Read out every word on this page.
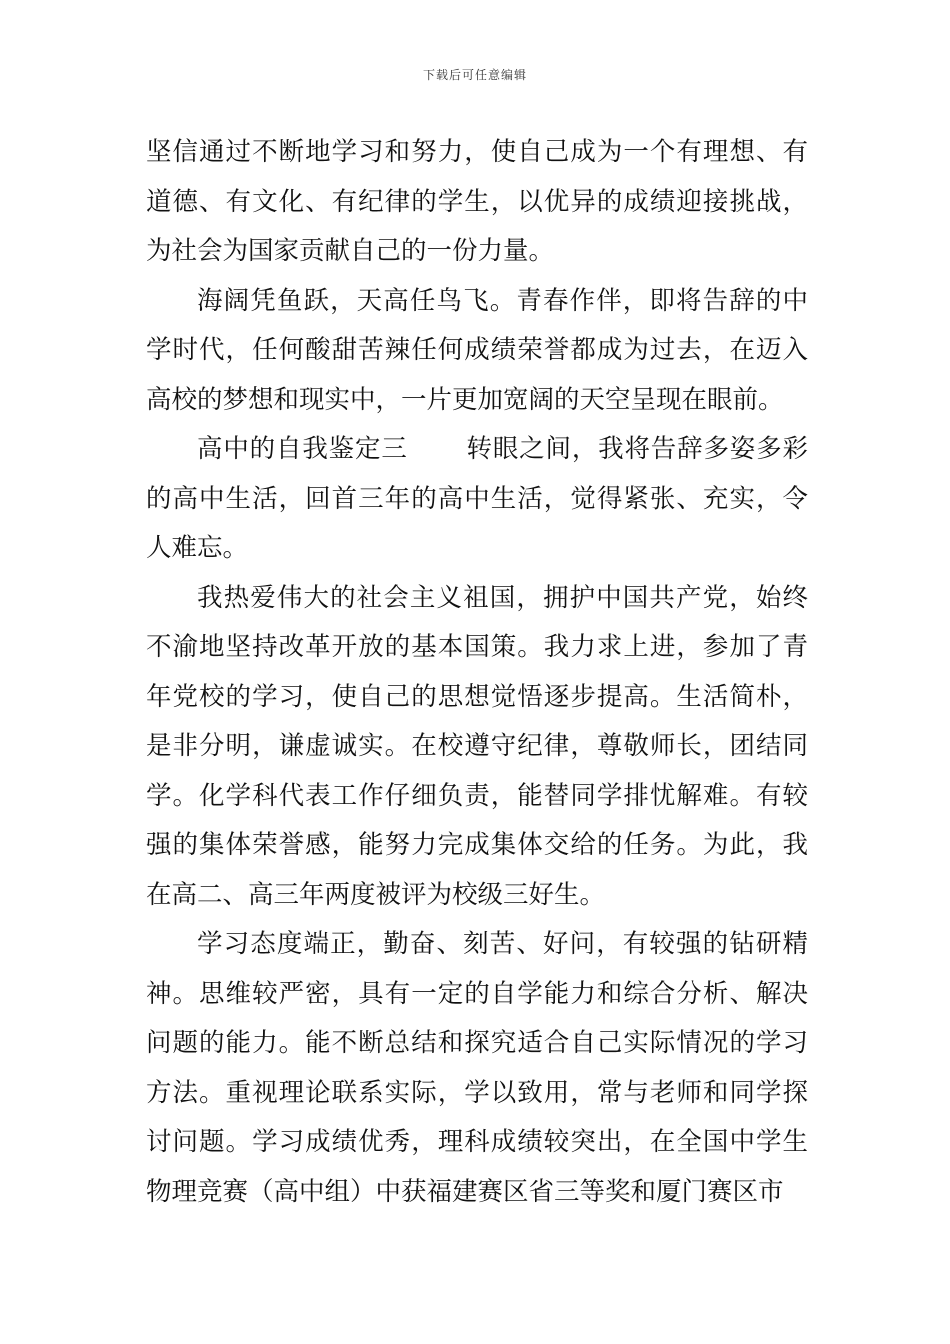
下载后可任意编辑

坚信通过不断地学习和努力，使自己成为一个有理想、有道德、有文化、有纪律的学生，以优异的成绩迎接挑战，为社会为国家贡献自己的一份力量。

海阔凭鱼跃，天高任鸟飞。青春作伴，即将告辞的中学时代，任何酸甜苦辣任何成绩荣誉都成为过去，在迈入高校的梦想和现实中，一片更加宽阔的天空呈现在眼前。

高中的自我鉴定三 转眼之间，我将告辞多姿多彩的高中生活，回首三年的高中生活，觉得紧张、充实，令人难忘。

我热爱伟大的社会主义祖国，拥护中国共产党，始终不渝地坚持改革开放的基本国策。我力求上进，参加了青年党校的学习，使自己的思想觉悟逐步提高。生活简朴，是非分明，谦虚诚实。在校遵守纪律，尊敬师长，团结同学。化学科代表工作仔细负责，能替同学排忧解难。有较强的集体荣誉感，能努力完成集体交给的任务。为此，我在高二、高三年两度被评为校级三好生。

学习态度端正，勤奋、刻苦、好问，有较强的钻研精神。思维较严密，具有一定的自学能力和综合分析、解决问题的能力。能不断总结和探究适合自己实际情况的学习方法。重视理论联系实际，学以致用，常与老师和同学探讨问题。学习成绩优秀，理科成绩较突出，在全国中学生物理竞赛（高中组）中获福建赛区省三等奖和厦门赛区市
